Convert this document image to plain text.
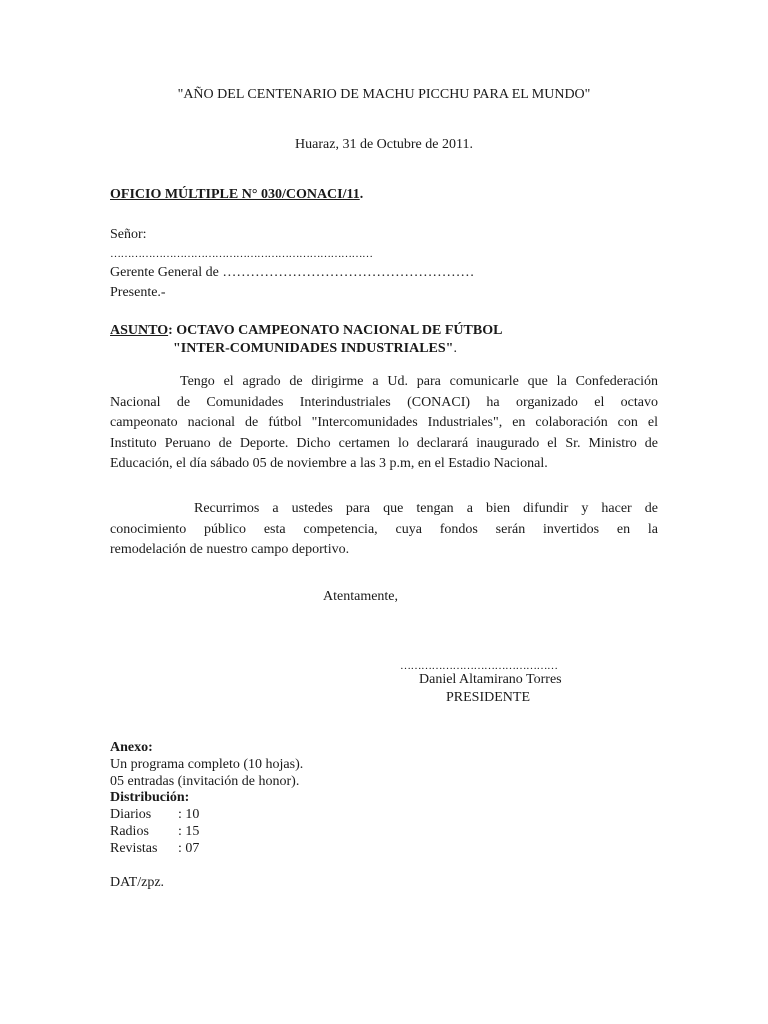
"AÑO DEL CENTENARIO DE MACHU PICCHU PARA EL MUNDO"
Huaraz, 31 de Octubre de 2011.
OFICIO MÚLTIPLE N° 030/CONACI/11.
Señor:
…………………………………………………………………
Gerente General de ………………………………………………
Presente.-
ASUNTO: OCTAVO CAMPEONATO NACIONAL DE FÚTBOL
"INTER-COMUNIDADES INDUSTRIALES".
Tengo el agrado de dirigirme a Ud. para comunicarle que la Confederación
Nacional de Comunidades Interindustriales (CONACI) ha organizado el octavo
campeonato nacional de fútbol "Intercomunidades Industriales", en colaboración con el
Instituto Peruano de Deporte. Dicho certamen lo declarará inaugurado el Sr. Ministro de
Educación, el día sábado 05 de noviembre a las 3 p.m, en el Estadio Nacional.
Recurrimos a ustedes para que tengan a bien difundir y hacer de
conocimiento público esta competencia, cuya fondos serán invertidos en la
remodelación de nuestro campo deportivo.
Atentamente,
………………………………………
Daniel Altamirano Torres
PRESIDENTE
Anexo:
Un programa completo (10 hojas).
05 entradas (invitación de honor).
Distribución:
Diarios : 10
Radios : 15
Revistas : 07
DAT/zpz.
